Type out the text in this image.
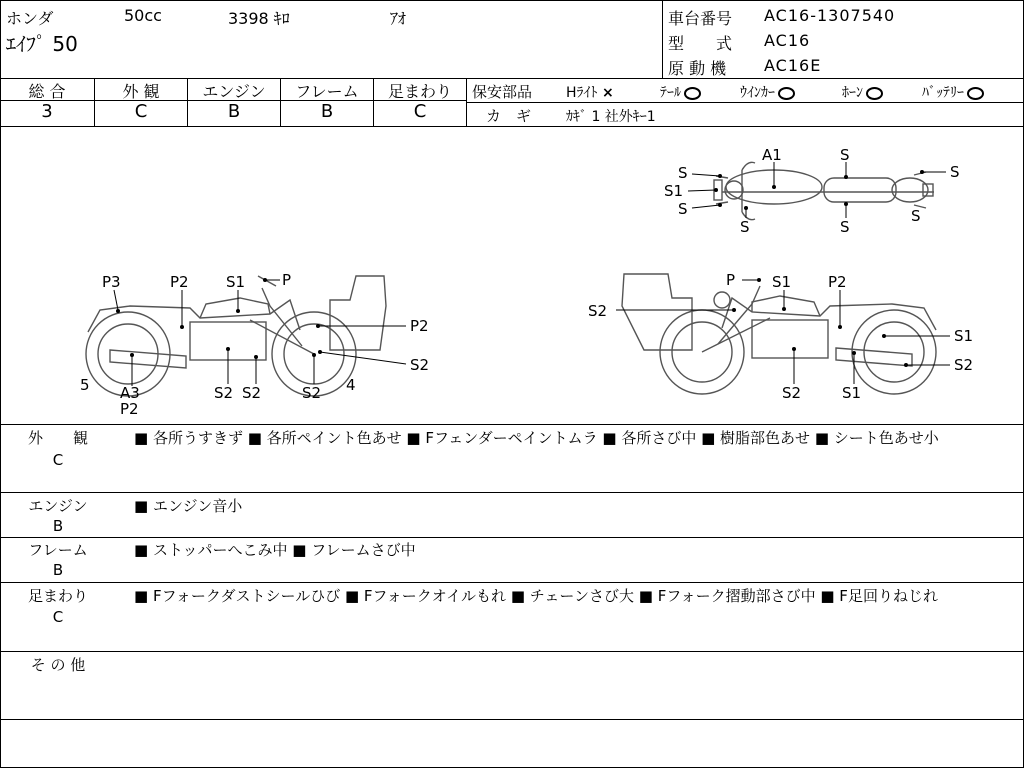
ホンダ	50cc	3398 ｷﾛ	ｱｵ
ｴｲﾌﾟ 50
車台番号 AC16-1307540
型　　式 AC16
原 動 機 AC16E
総 合	外 観	エンジン	フレーム	足まわり
3	C	B	B	C
保安部品 Hﾗｲﾄ ×	ﾃｰﾙ	ｳｲﾝｶｰ	ﾎｰﾝ	ﾊﾞｯﾃﾘｰ
カ　ギ ｶｷﾞ 1 社外ｷｰ1
A1	S
S
S1
S
S
S	S
S
P3	P2 S1 P
P2
S2
5 A3
P2
S2 S2	S2 4
P S1 P2
S2
S1
S2
S2	S1
外　　観
C
■ 各所うすきず ■ 各所ペイント色あせ ■ Fフェンダーペイントムラ ■ 各所さび中 ■ 樹脂部色あせ ■ シート色あせ小
エンジン
B
■ エンジン音小
フレーム
B
■ ストッパーへこみ中 ■ フレームさび中
足まわり
C
■ Fフォークダストシールひび ■ Fフォークオイルもれ ■ チェーンさび大 ■ Fフォーク摺動部さび中 ■ F足回りねじれ
そ の 他
